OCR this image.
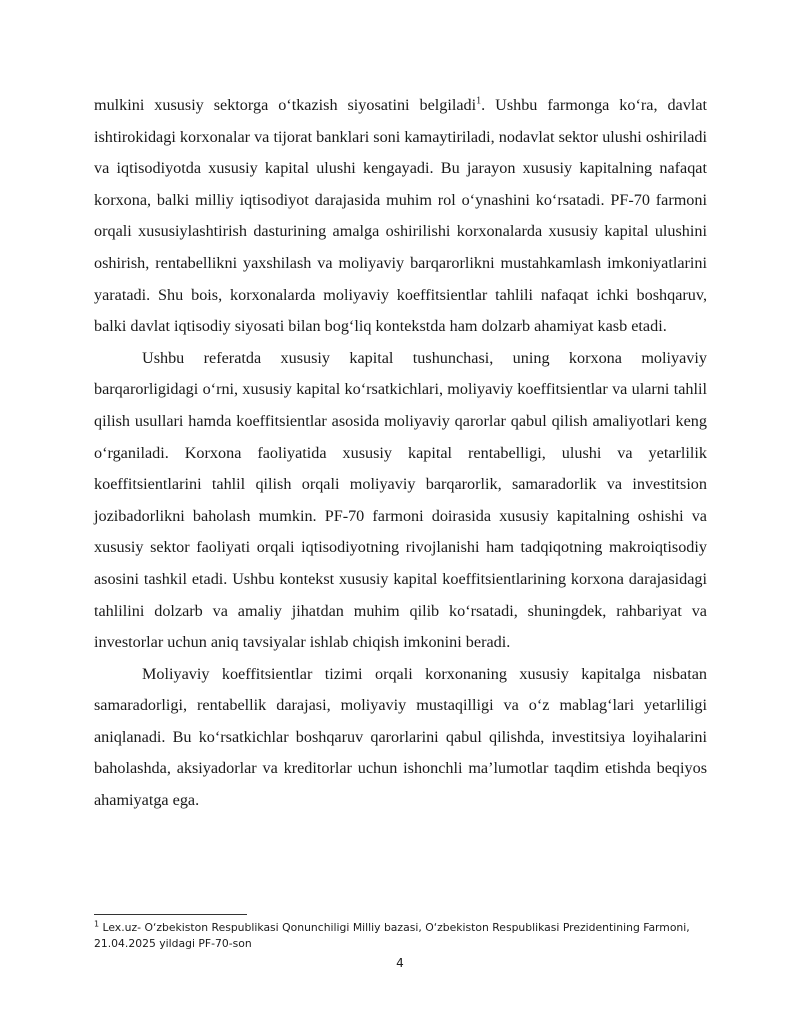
mulkini xususiy sektorga o‘tkazish siyosatini belgiladi$^1$. Ushbu farmonga ko‘ra, davlat ishtirokidagi korxonalar va tijorat banklari soni kamaytiriladi, nodavlat sektor ulushi oshiriladi va iqtisodiyotda xususiy kapital ulushi kengayadi. Bu jarayon xususiy kapitalning nafaqat korxona, balki milliy iqtisodiyot darajasida muhim rol o‘ynashini ko‘rsatadi. PF-70 farmoni orqali xususiylashtirish dasturining amalga oshirilishi korxonalarda xususiy kapital ulushini oshirish, rentabellikni yaxshilash va moliyaviy barqarorlikni mustahkamlash imkoniyatlarini yaratadi. Shu bois, korxonalarda moliyaviy koeffitsientlar tahlili nafaqat ichki boshqaruv, balki davlat iqtisodiy siyosati bilan bog‘liq kontekstda ham dolzarb ahamiyat kasb etadi.

Ushbu referatda xususiy kapital tushunchasi, uning korxona moliyaviy barqarorligidagi o‘rni, xususiy kapital ko‘rsatkichlari, moliyaviy koeffitsientlar va ularni tahlil qilish usullari hamda koeffitsientlar asosida moliyaviy qarorlar qabul qilish amaliyotlari keng o‘rganiladi. Korxona faoliyatida xususiy kapital rentabelligi, ulushi va yetarlilik koeffitsientlarini tahlil qilish orqali moliyaviy barqarorlik, samaradorlik va investitsion jozibadorlikni baholash mumkin. PF-70 farmoni doirasida xususiy kapitalning oshishi va xususiy sektor faoliyati orqali iqtisodiyotning rivojlanishi ham tadqiqotning makroiqtisodiy asosini tashkil etadi. Ushbu kontekst xususiy kapital koeffitsientlarining korxona darajasidagi tahlilini dolzarb va amaliy jihatdan muhim qilib ko‘rsatadi, shuningdek, rahbariyat va investorlar uchun aniq tavsiyalar ishlab chiqish imkonini beradi.

Moliyaviy koeffitsientlar tizimi orqali korxonaning xususiy kapitalga nisbatan samaradorligi, rentabellik darajasi, moliyaviy mustaqilligi va o‘z mablag‘lari yetarliligi aniqlanadi. Bu ko‘rsatkichlar boshqaruv qarorlarini qabul qilishda, investitsiya loyihalarini baholashda, aksiyadorlar va kreditorlar uchun ishonchli ma’lumotlar taqdim etishda beqiyos ahamiyatga ega.

$^1$ Lex.uz- O‘zbekiston Respublikasi Qonunchiligi Milliy bazasi, O‘zbekiston Respublikasi Prezidentining Farmoni, 21.04.2025 yildagi PF-70-son
4
